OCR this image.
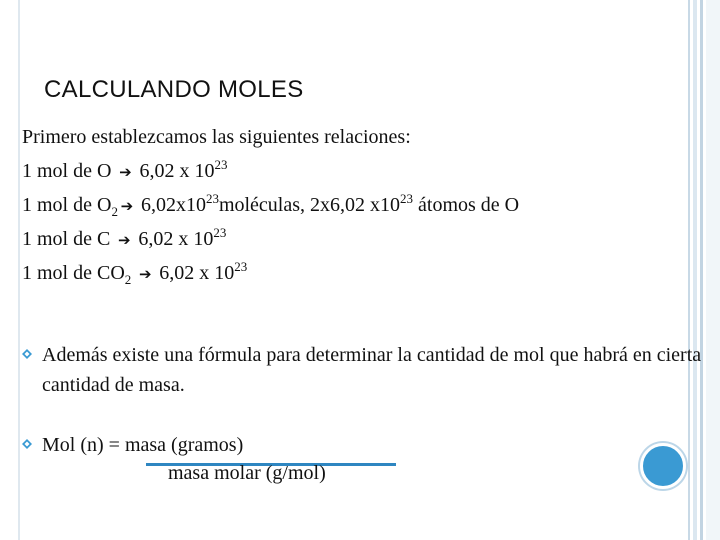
CALCULANDO MOLES
Primero establezcamos las siguientes relaciones:
1 mol de O ➔ 6,02 x $10^{23}$
1 mol de $O_2$ ➔ $6,02x10^{23}moléculas$, 2x6,02 $x10^{23}$ átomos de O
1 mol de C ➔ 6,02 x $10^{23}$
1 mol de $CO_2$ ➔ 6,02 x $10^{23}$
Además existe una fórmula para determinar la cantidad de mol que habrá en cierta cantidad de masa.
Mol (n) = masa (gramos)
masa molar (g/mol)
